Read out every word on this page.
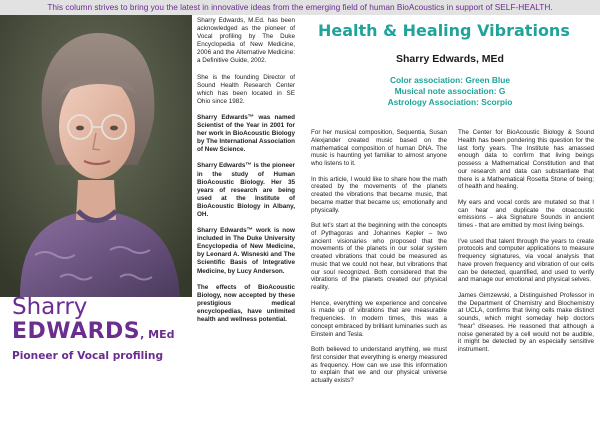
This column strives to bring you the latest in innovative ideas from the emerging field of human BioAcoustics in support of SELF-HEALTH.

Sharry Edwards, M.Ed. has been acknowledged as the pioneer of Vocal profiling by The Duke Encyclopedia of New Medicine, 2006 and the Alternative Medicine: a Definitive Guide, 2002.

She is the founding Director of Sound Health Research Center which has been located in SE Ohio since 1982.

Sharry Edwards™ was named Scientist of the Year in 2001 for her work in BioAcoustic Biology by The International Association of New Science.

Sharry Edwards™ is the pioneer in the study of Human BioAcoustic Biology. Her 35 years of research are being used at the Institute of BioAcoustic Biology in Albany, OH.

Sharry Edwards™ work is now included in The Duke University Encyclopedia of New Medicine, by Leonard A. Wisneski and The Scientific Basis of Integrative Medicine, by Lucy Anderson.

The effects of BioAcoustic Biology, now accepted by these prestigious medical encyclopedias, have unlimited health and wellness potential.

Sharry
EDWARDS, MEd
Pioneer of Vocal profiling
Health & Healing Vibrations
Sharry Edwards, MEd
Color association: Green Blue
Musical note association: G
Astrology Association: Scorpio

For her musical composition, Sequentia, Susan Alexjander created music based on the mathematical composition of human DNA. The music is haunting yet familiar to almost anyone who listens to it.

In this article, I would like to share how the math created by the movements of the planets created the vibrations that became music, that became matter that became us; emotionally and physically.

But let’s start at the beginning with the concepts of Pythagoras and Johannes Kepler – two ancient visionaries who proposed that the movements of the planets in our solar system created vibrations that could be measured as music that we could not hear, but vibrations that our soul recognized. Both considered that the vibrations of the planets created our physical reality.

Hence, everything we experience and conceive is made up of vibrations that are measurable frequencies. In modern times, this was a concept embraced by brilliant luminaries such as Einstein and Tesla.

Both believed to understand anything, we must first consider that everything is energy measured as frequency. How can we use this information to explain that we and our physical universe actually exists?

The Center for BioAcoustic Biology & Sound Health has been pondering this question for the last forty years. The Institute has amassed enough data to confirm that living beings possess a Mathematical Constitution and that our research and data can substantiate that there is a Mathematical Rosetta Stone of being; of health and healing.

My ears and vocal cords are mutated so that I can hear and duplicate the otoacoustic emissions – aka Signature Sounds in ancient times - that are emitted by most living beings.

I’ve used that talent through the years to create protocols and computer applications to measure frequency signatures, via vocal analysis that have proven frequency and vibration of our cells can be detected, quantified, and used to verify and manage our emotional and physical selves.

James Gimzewski, a Distinguished Professor in the Department of Chemistry and Biochemistry at UCLA, confirms that living cells make distinct sounds, which might someday help doctors “hear” diseases. He reasoned that although a noise generated by a cell would not be audible, it might be detected by an especially sensitive instrument.
